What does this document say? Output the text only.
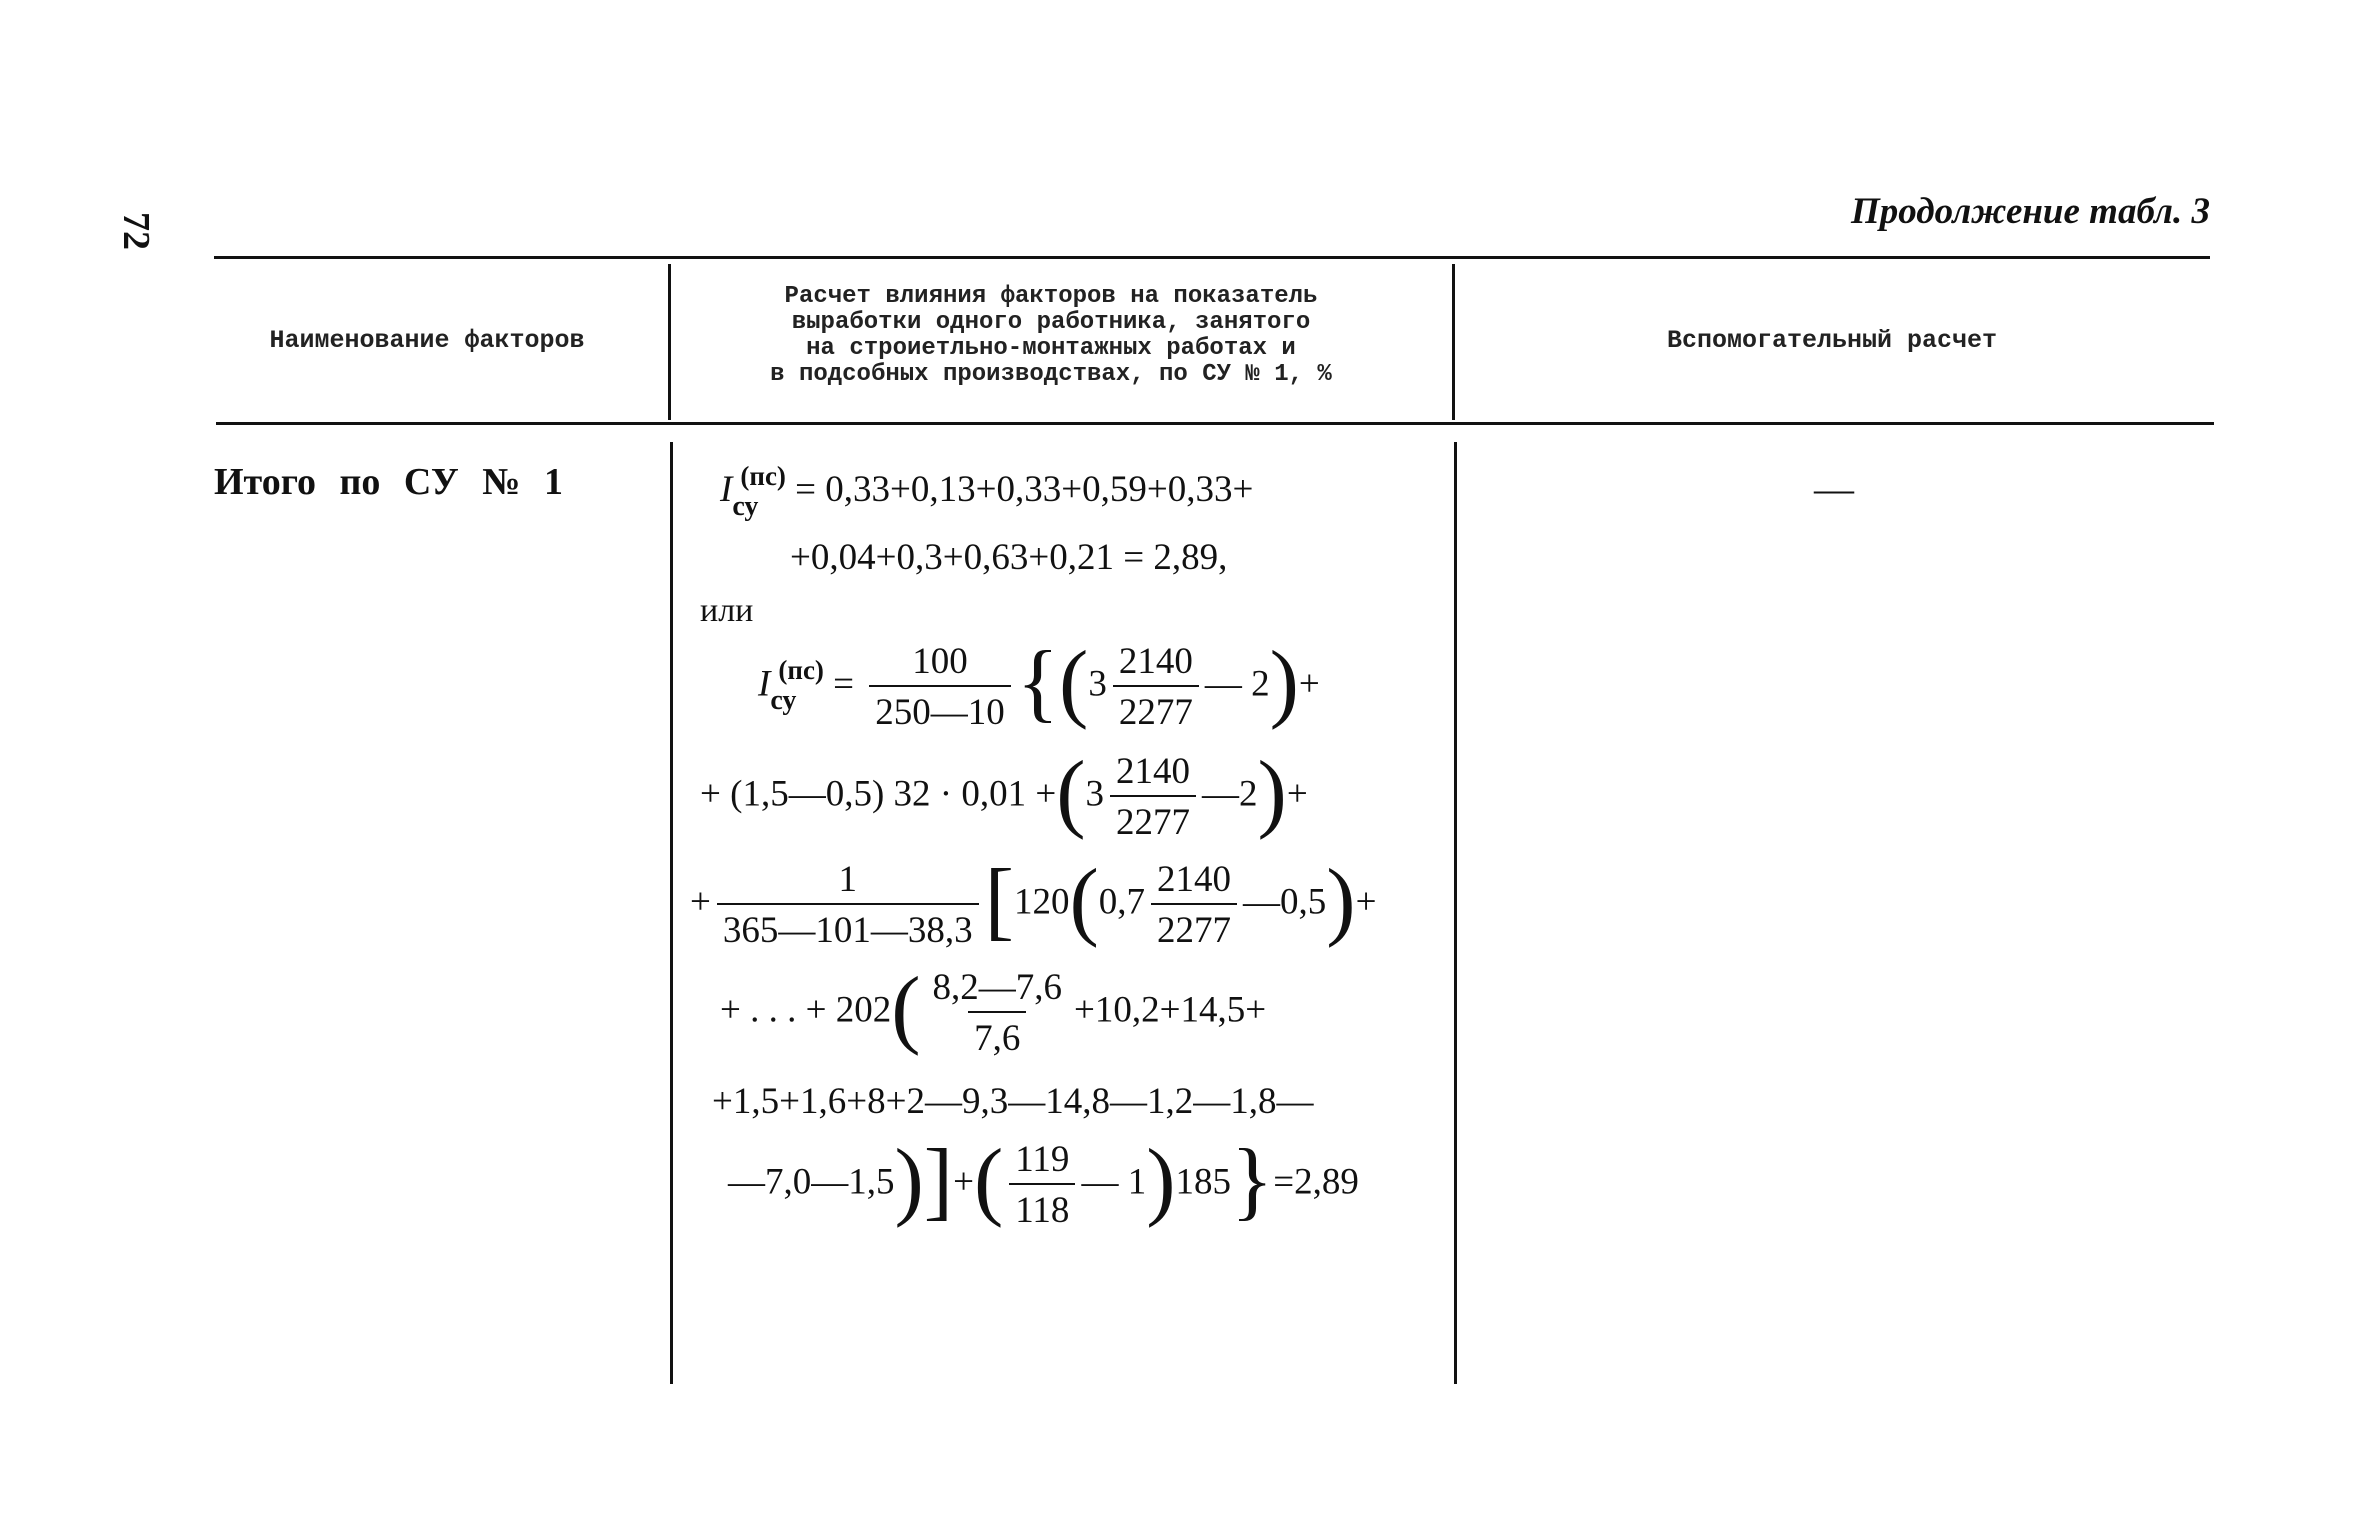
72	Продолжение табл. 3
Наименование факторов
Расчет влияния факторов на показатель
выработки одного работника, занятого
на строиетльно-монтажных работах и
в подсобных производствах, по СУ № 1, %
Вспомогательный расчет
Итого по СУ № 1	—
$I_{су}^{(пс)} = 0,33+0,13+0,33+0,59+0,33+$
+0,04+0,3+0,63+0,21 = 2,89,
или
$I_{су}^{(пс)} = \frac{100}{250—10} \{(3 \frac{2140}{2277}$ — 2)+
+ (1,5—0,5) $32 \cdot 0,01 +(3 \frac{2140}{2277}$ —2)+
+ $\frac{1}{365—101—38,3} [120(0,7 \frac{2140}{2277}$ —0,5)+
+ . . . + $202( \frac{8,2—7,6}{7,6} +10,2+14,5+$
+1,5+1,6+8+2—9,3—14,8—1,2—1,8—
—7,0—1,5)]+( $\frac{119}{118}$ — 1)185}=2,89
